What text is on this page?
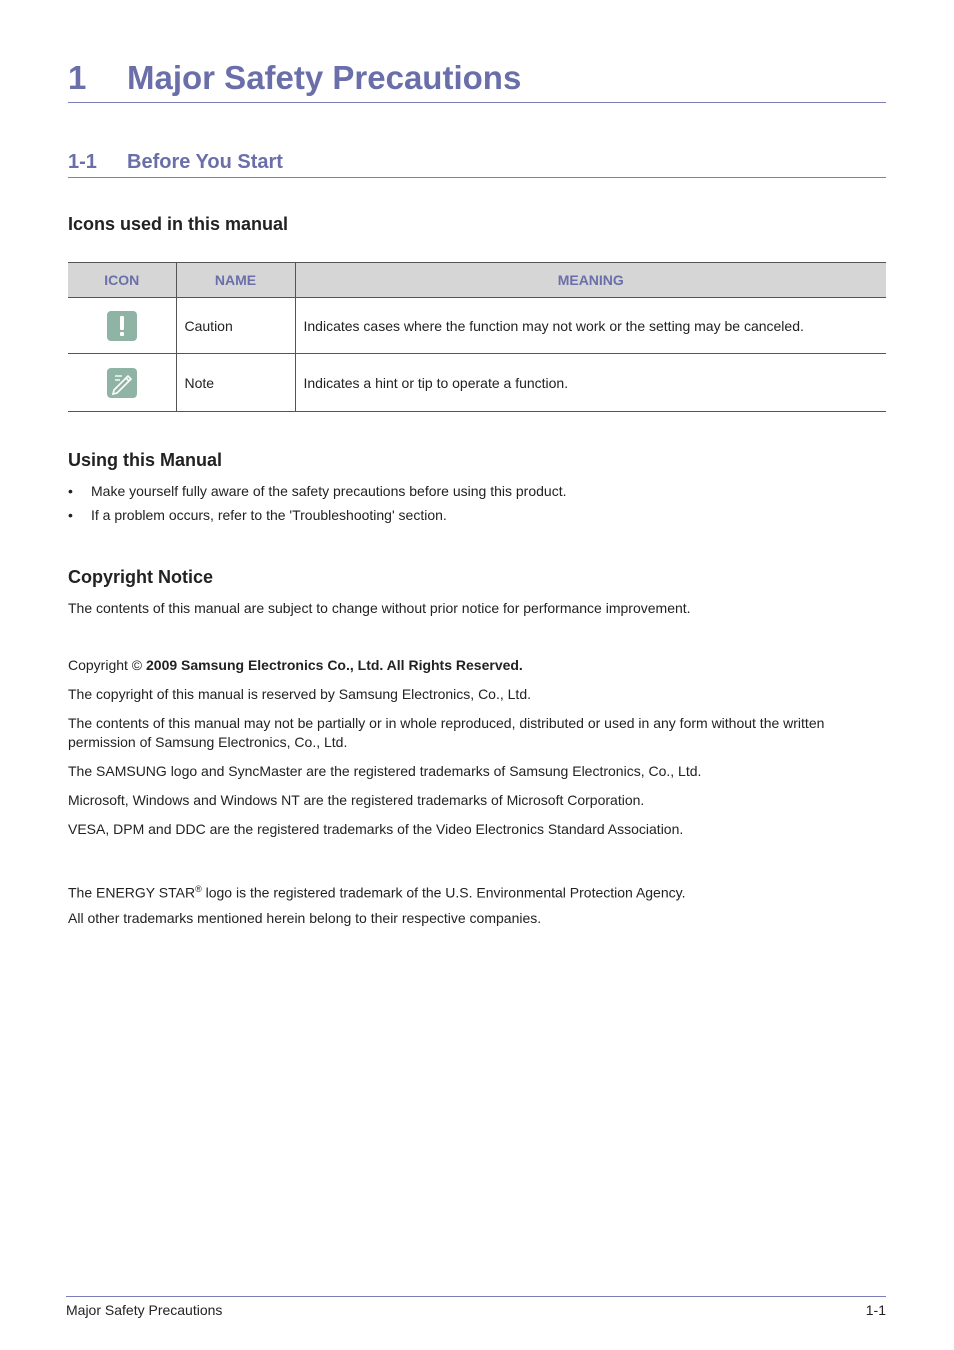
1 Major Safety Precautions
1-1 Before You Start
Icons used in this manual
ICON	NAME	MEANING

	Caution	Indicates cases where the function may not work or the setting may be canceled.

	Note	Indicates a hint or tip to operate a function.
Using this Manual
• Make yourself fully aware of the safety precautions before using this product.
• If a problem occurs, refer to the 'Troubleshooting' section.
Copyright Notice
The contents of this manual are subject to change without prior notice for performance improvement.
Copyright © 2009 Samsung Electronics Co., Ltd. All Rights Reserved.
The copyright of this manual is reserved by Samsung Electronics, Co., Ltd.
The contents of this manual may not be partially or in whole reproduced, distributed or used in any form without the written permission of Samsung Electronics, Co., Ltd.
The SAMSUNG logo and SyncMaster are the registered trademarks of Samsung Electronics, Co., Ltd.
Microsoft, Windows and Windows NT are the registered trademarks of Microsoft Corporation.
VESA, DPM and DDC are the registered trademarks of the Video Electronics Standard Association.
The ENERGY STAR® logo is the registered trademark of the U.S. Environmental Protection Agency.
All other trademarks mentioned herein belong to their respective companies.
Major Safety Precautions	1-1
